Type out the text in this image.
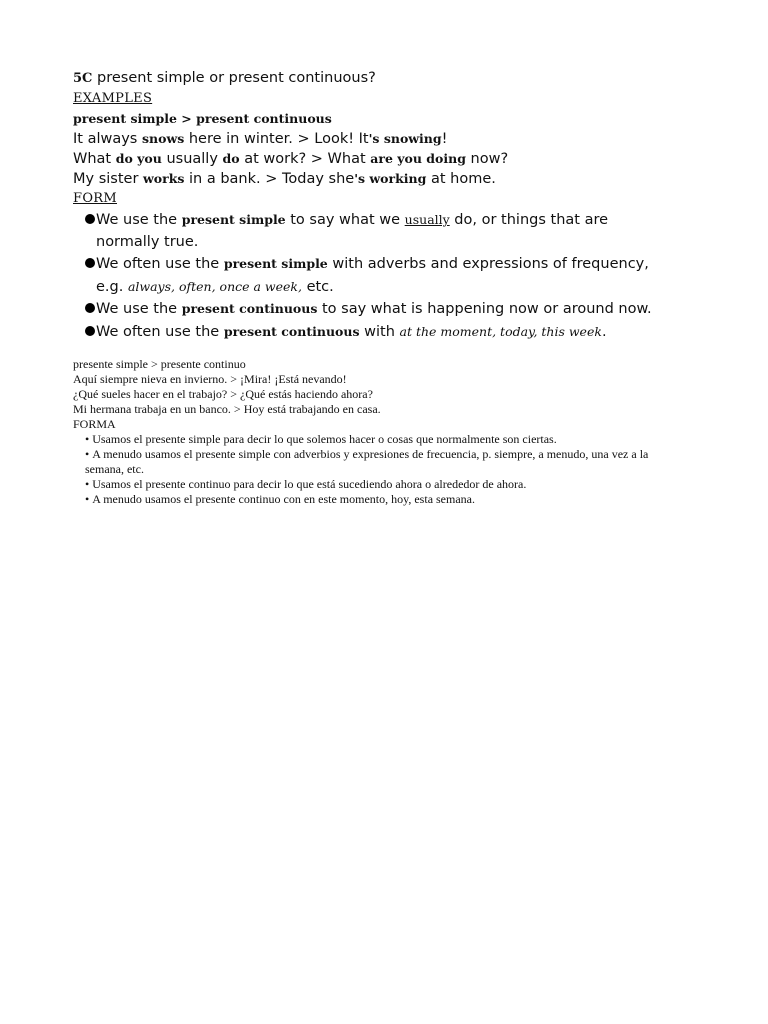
5C present simple or present continuous?
EXAMPLES
present simple > present continuous
It always snows here in winter. > Look! It's snowing!
What do you usually do at work? > What are you doing now?
My sister works in a bank. > Today she's working at home.
FORM
We use the present simple to say what we usually do, or things that are normally true.
We often use the present simple with adverbs and expressions of frequency, e.g. always, often, once a week, etc.
We use the present continuous to say what is happening now or around now.
We often use the present continuous with at the moment, today, this week.
presente simple > presente continuo
Aquí siempre nieva en invierno. > ¡Mira! ¡Está nevando!
¿Qué sueles hacer en el trabajo? > ¿Qué estás haciendo ahora?
Mi hermana trabaja en un banco. > Hoy está trabajando en casa.
FORMA
• Usamos el presente simple para decir lo que solemos hacer o cosas que normalmente son ciertas.
• A menudo usamos el presente simple con adverbios y expresiones de frecuencia, p. siempre, a menudo, una vez a la semana, etc.
• Usamos el presente continuo para decir lo que está sucediendo ahora o alrededor de ahora.
• A menudo usamos el presente continuo con en este momento, hoy, esta semana.
